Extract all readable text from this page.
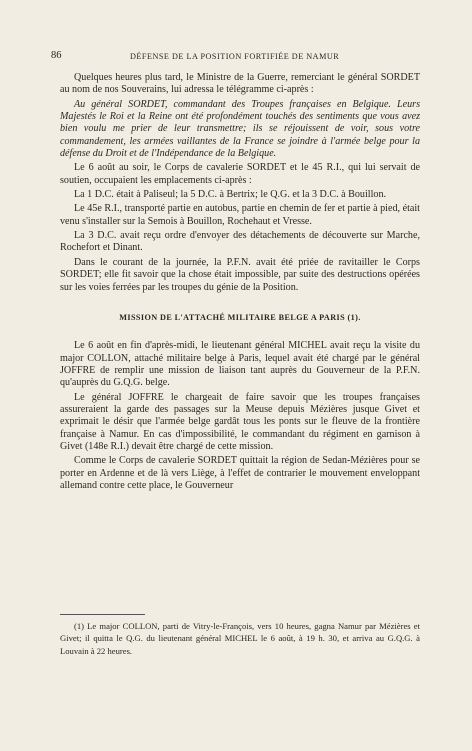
86	DÉFENSE DE LA POSITION FORTIFIÉE DE NAMUR

Quelques heures plus tard, le Ministre de la Guerre, remerciant le général SORDET au nom de nos Souverains, lui adressa le télégramme ci-après :

Au général SORDET, commandant des Troupes françaises en Belgique. Leurs Majestés le Roi et la Reine ont été profondément touchés des sentiments que vous avez bien voulu me prier de leur transmettre; ils se réjouissent de voir, sous votre commandement, les armées vaillantes de la France se joindre à l'armée belge pour la défense du Droit et de l'Indépendance de la Belgique.

Le 6 août au soir, le Corps de cavalerie SORDET et le 45 R.I., qui lui servait de soutien, occupaient les emplacements ci-après :

La 1 D.C. était à Paliseul; la 5 D.C. à Bertrix; le Q.G. et la 3 D.C. à Bouillon.

Le 45e R.I., transporté partie en autobus, partie en chemin de fer et partie à pied, était venu s'installer sur la Semois à Bouillon, Rochehaut et Vresse.

La 3 D.C. avait reçu ordre d'envoyer des détachements de découverte sur Marche, Rochefort et Dinant.

Dans le courant de la journée, la P.F.N. avait été priée de ravitailler le Corps SORDET; elle fit savoir que la chose était impossible, par suite des destructions opérées sur les voies ferrées par les troupes du génie de la Position.

MISSION DE L'ATTACHÉ MILITAIRE BELGE A PARIS (1).

Le 6 août en fin d'après-midi, le lieutenant général MICHEL avait reçu la visite du major COLLON, attaché militaire belge à Paris, lequel avait été chargé par le général JOFFRE de remplir une mission de liaison tant auprès du Gouverneur de la P.F.N. qu'auprès du G.Q.G. belge.

Le général JOFFRE le chargeait de faire savoir que les troupes françaises assureraient la garde des passages sur la Meuse depuis Mézières jusque Givet et exprimait le désir que l'armée belge gardât tous les ponts sur le fleuve de la frontière française à Namur. En cas d'impossibilité, le commandant du régiment en garnison à Givet (148e R.I.) devait être chargé de cette mission.

Comme le Corps de cavalerie SORDET quittait la région de Sedan-Mézières pour se porter en Ardenne et de là vers Liège, à l'effet de contrarier le mouvement enveloppant allemand contre cette place, le Gouverneur

(1) Le major COLLON, parti de Vitry-le-François, vers 10 heures, gagna Namur par Mézières et Givet; il quitta le Q.G. du lieutenant général MICHEL le 6 août, à 19 h. 30, et arriva au G.Q.G. à Louvain à 22 heures.
